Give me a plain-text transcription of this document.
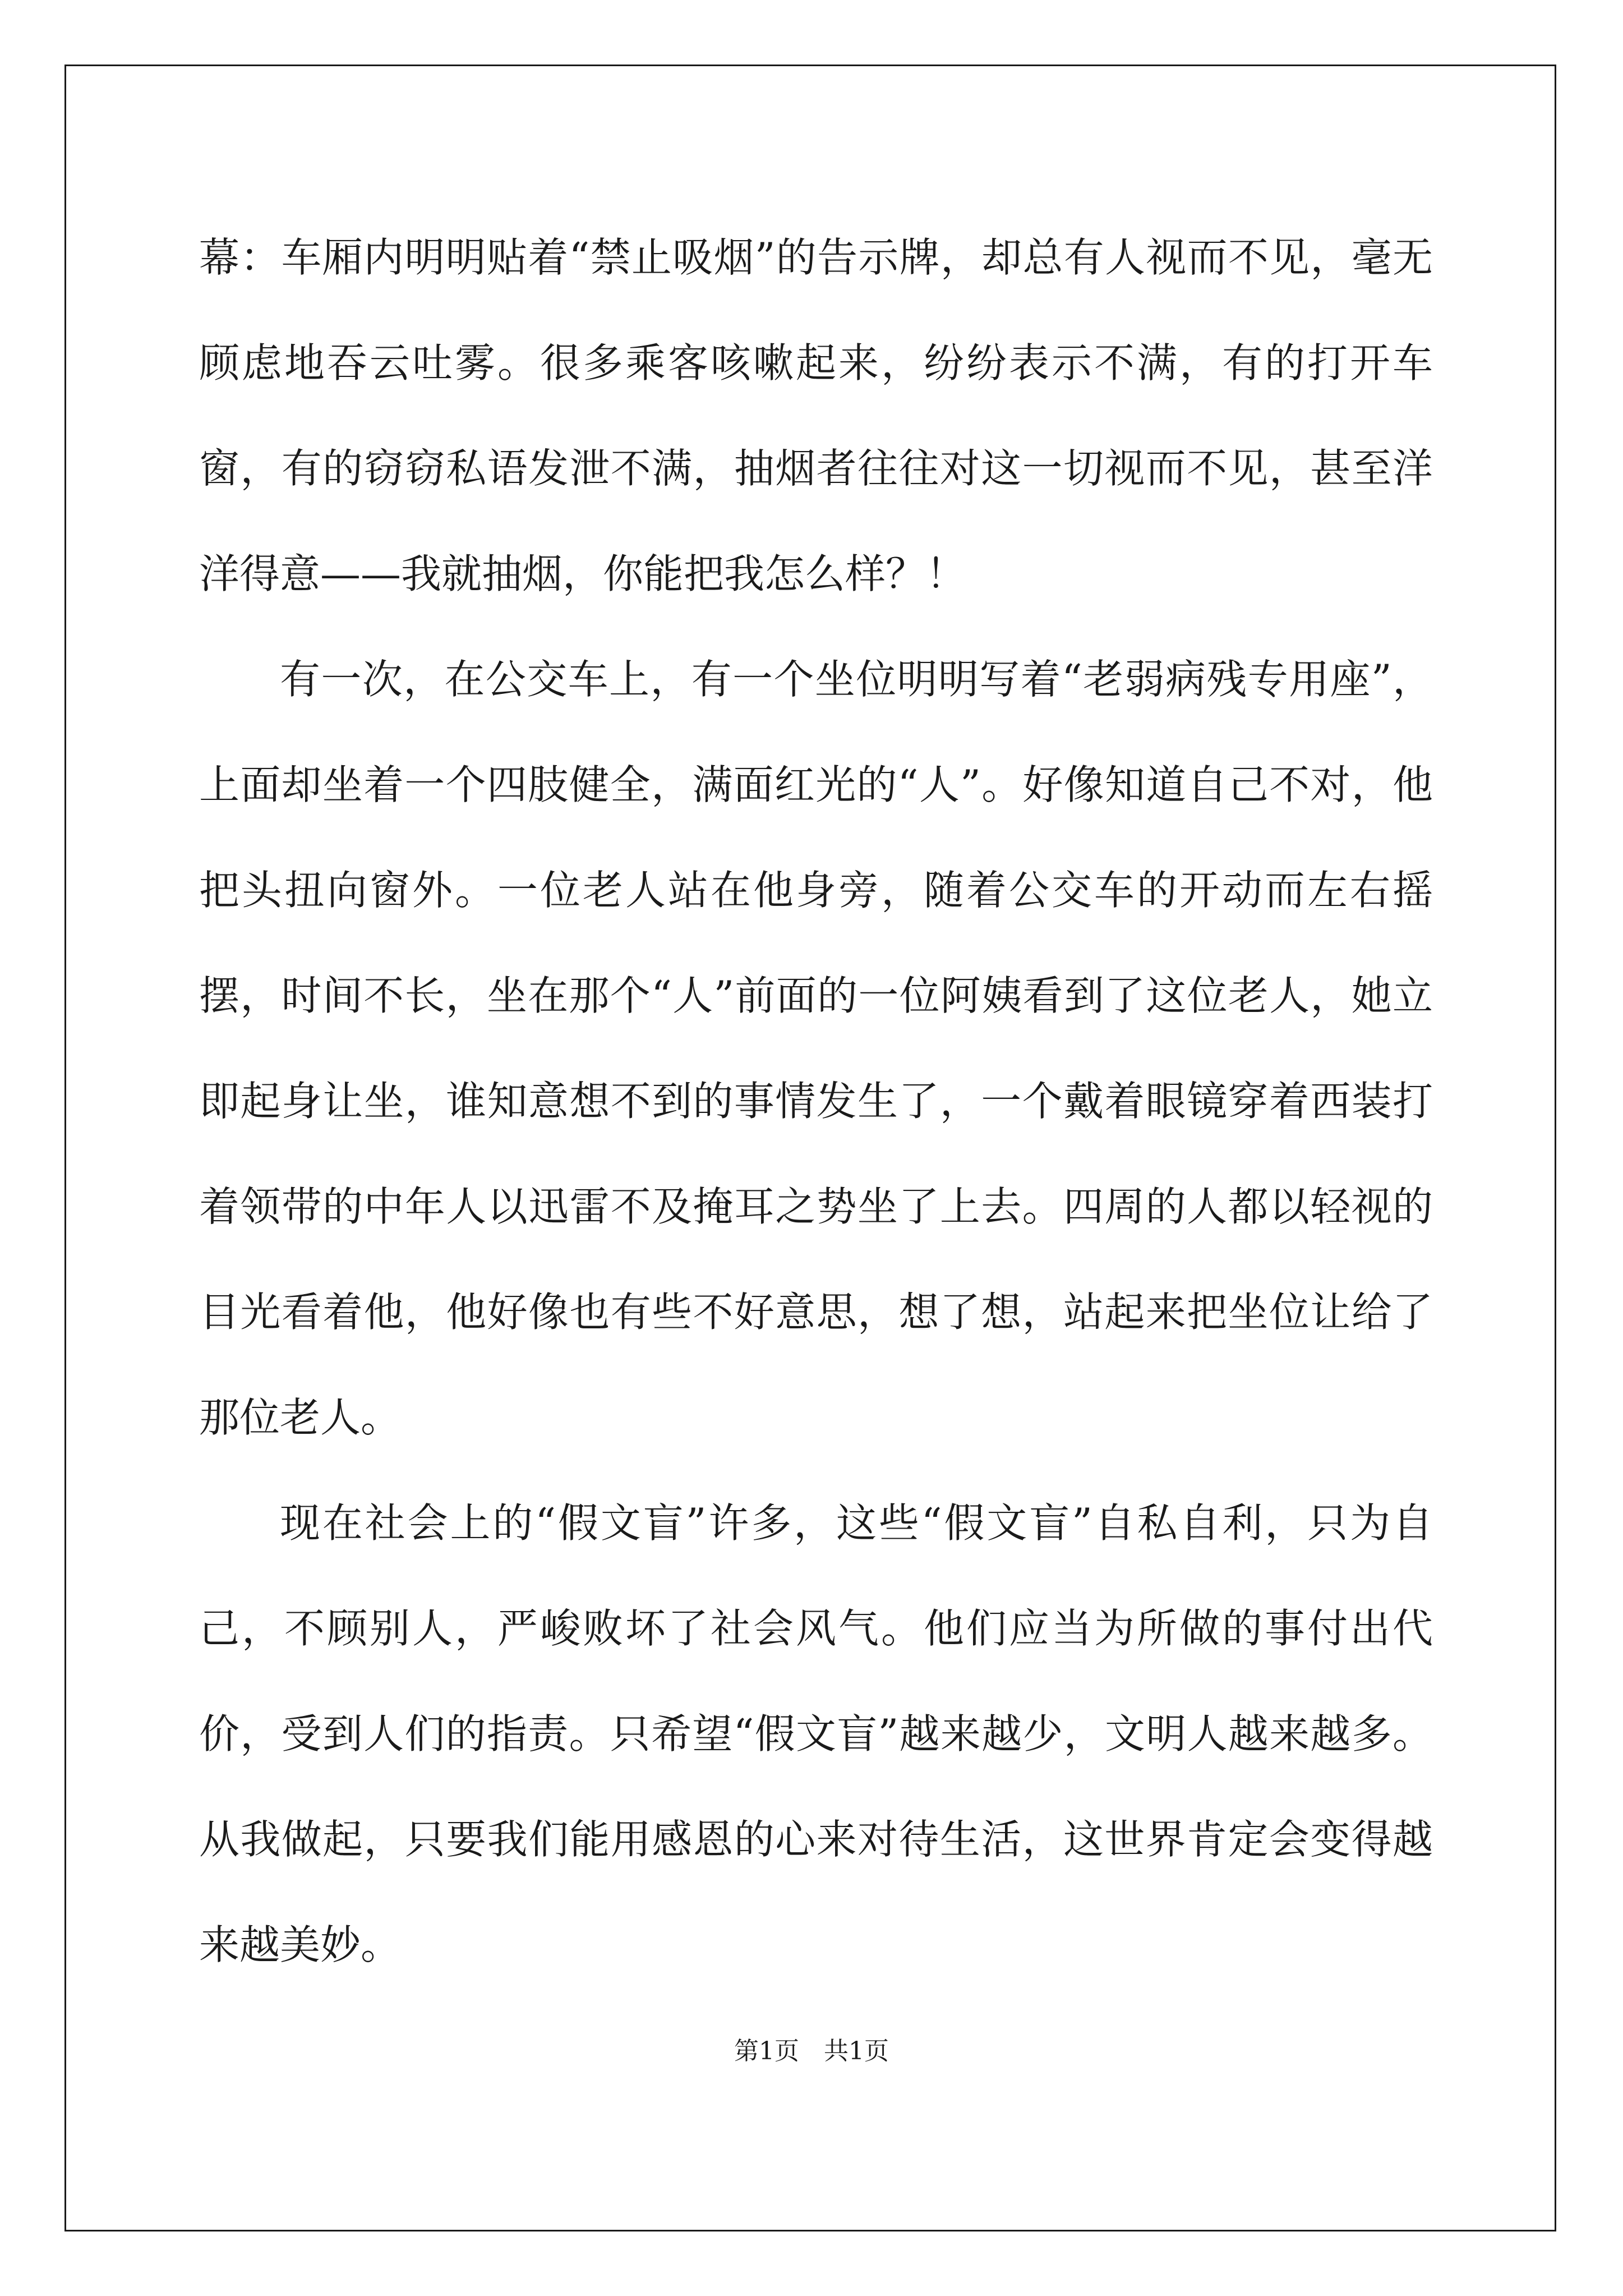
幕：车厢内明明贴着“禁止吸烟”的告示牌，却总有人视而不见，毫无顾虑地吞云吐雾。很多乘客咳嗽起来，纷纷表示不满，有的打开车窗，有的窃窃私语发泄不满，抽烟者往往对这一切视而不见，甚至洋洋得意——我就抽烟，你能把我怎么样？！

有一次，在公交车上，有一个坐位明明写着“老弱病残专用座”，上面却坐着一个四肢健全，满面红光的“人”。好像知道自己不对，他把头扭向窗外。一位老人站在他身旁，随着公交车的开动而左右摇摆，时间不长，坐在那个“人”前面的一位阿姨看到了这位老人，她立即起身让坐，谁知意想不到的事情发生了，一个戴着眼镜穿着西装打着领带的中年人以迅雷不及掩耳之势坐了上去。四周的人都以轻视的目光看着他，他好像也有些不好意思，想了想，站起来把坐位让给了那位老人。

现在社会上的“假文盲”许多，这些“假文盲”自私自利，只为自己，不顾别人，严峻败坏了社会风气。他们应当为所做的事付出代价，受到人们的指责。只希望“假文盲”越来越少，文明人越来越多。从我做起，只要我们能用感恩的心来对待生活，这世界肯定会变得越来越美妙。

第1页　共1页
